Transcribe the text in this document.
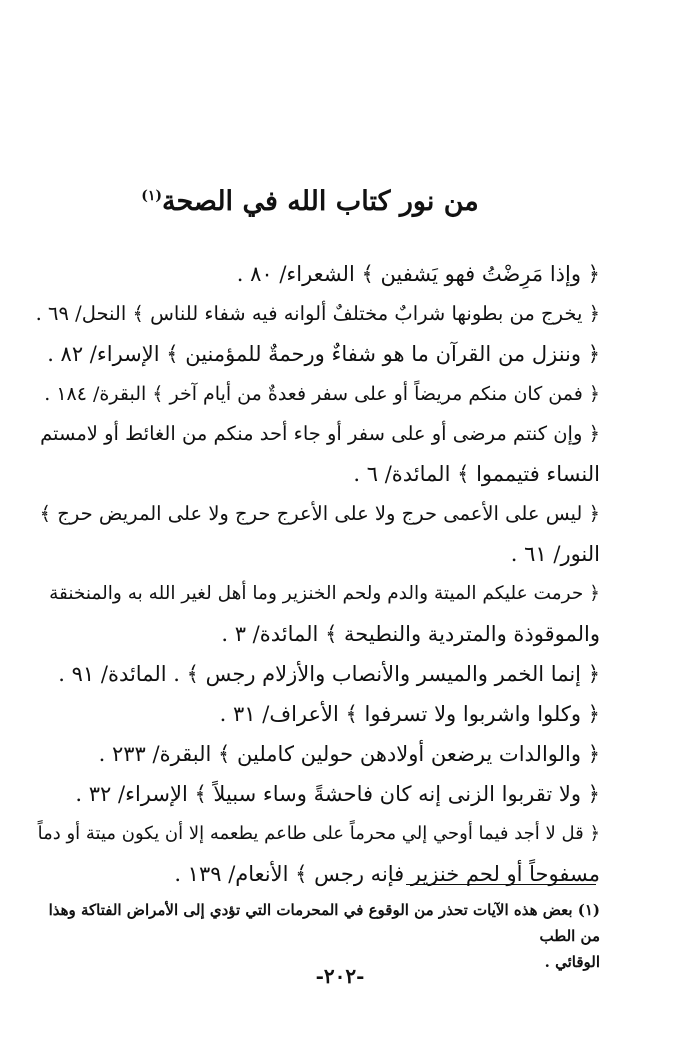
من نور كتاب الله في الصحة$^{(١)}$
﴿ وإذا مَرِضْتُ فهو يَشفين ﴾ الشعراء/ ٨٠ .
﴿ يخرج من بطونها شرابٌ مختلفٌ ألوانه فيه شفاء للناس ﴾ النحل/ ٦٩ .
﴿ وننزل من القرآن ما هو شفاءٌ ورحمةٌ للمؤمنين ﴾ الإسراء/ ٨٢ .
﴿ فمن كان منكم مريضاً أو على سفر فعدةٌ من أيام آخر ﴾ البقرة/ ١٨٤ .
﴿ وإن كنتم مرضى أو على سفر أو جاء أحد منكم من الغائط أو لامستم
النساء فتيمموا ﴾ المائدة/ ٦ .
﴿ ليس على الأعمى حرج ولا على الأعرج حرج ولا على المريض حرج ﴾
النور/ ٦١ .
﴿ حرمت عليكم الميتة والدم ولحم الخنزير وما أهل لغير الله به والمنخنقة
والموقوذة والمتردية والنطيحة ﴾ المائدة/ ٣ .
﴿ إنما الخمر والميسر والأنصاب والأزلام رجس ﴾ . المائدة/ ٩١ .
﴿ وكلوا واشربوا ولا تسرفوا ﴾ الأعراف/ ٣١ .
﴿ والوالدات يرضعن أولادهن حولين كاملين ﴾ البقرة/ ٢٣٣ .
﴿ ولا تقربوا الزنى إنه كان فاحشةً وساء سبيلاً ﴾ الإسراء/ ٣٢ .
﴿ قل لا أجد فيما أوحي إلي محرماً على طاعم يطعمه إلا أن يكون ميتة أو دماً
مسفوحاً أو لحم خنزير فإنه رجس ﴾ الأنعام/ ١٣٩ .
(١) بعض هذه الآيات تحذر من الوقوع في المحرمات التي تؤدي إلى الأمراض الفتاكة وهذا من الطب
الوقائي .
-٢٠٢-
